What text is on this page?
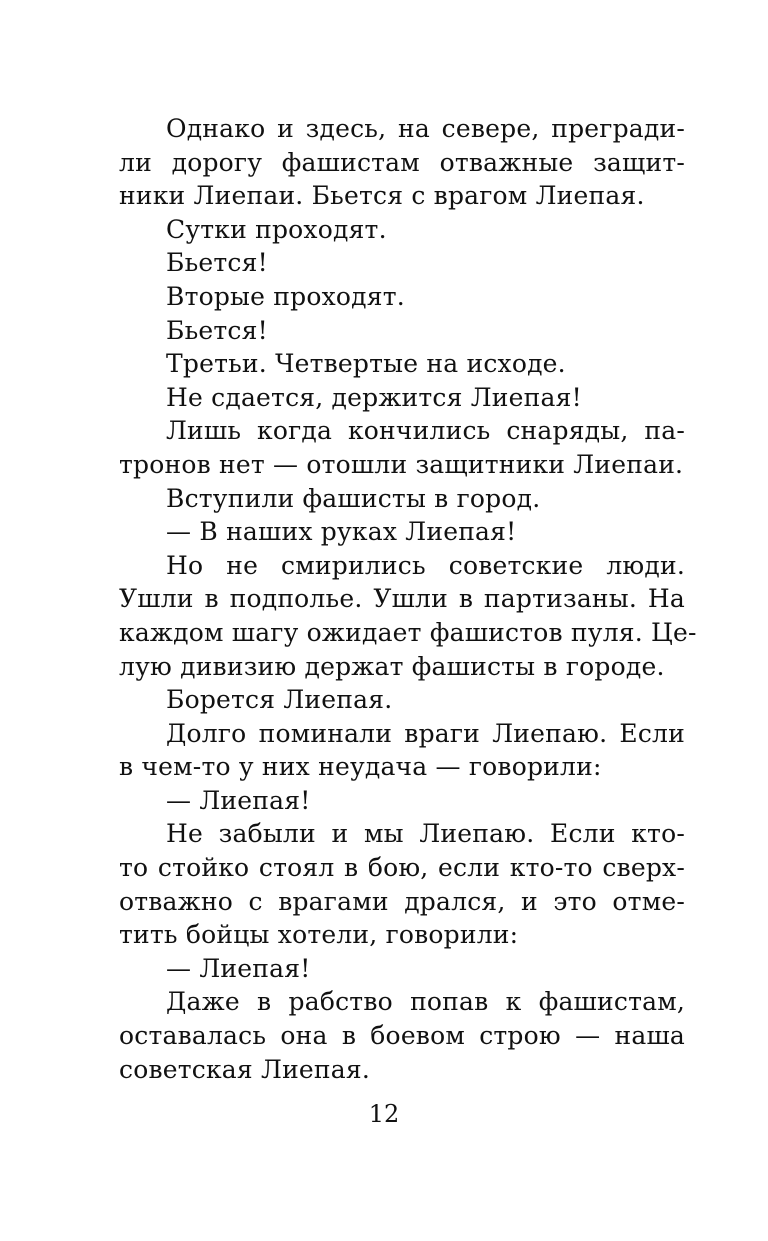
Однако и здесь, на севере, прегради-
ли дорогу фашистам отважные защит-
ники Лиепаи. Бьется с врагом Лиепая.
Сутки проходят.
Бьется!
Вторые проходят.
Бьется!
Третьи. Четвертые на исходе.
Не сдается, держится Лиепая!
Лишь когда кончились снаряды, па-
тронов нет — отошли защитники Лиепаи.
Вступили фашисты в город.
— В наших руках Лиепая!
Но не смирились советские люди.
Ушли в подполье. Ушли в партизаны. На
каждом шагу ожидает фашистов пуля. Це-
лую дивизию держат фашисты в городе.
Борется Лиепая.
Долго поминали враги Лиепаю. Если
в чем-то у них неудача — говорили:
— Лиепая!
Не забыли и мы Лиепаю. Если кто-
то стойко стоял в бою, если кто-то сверх-
отважно с врагами дрался, и это отме-
тить бойцы хотели, говорили:
— Лиепая!
Даже в рабство попав к фашистам,
оставалась она в боевом строю — наша
советская Лиепая.
12
